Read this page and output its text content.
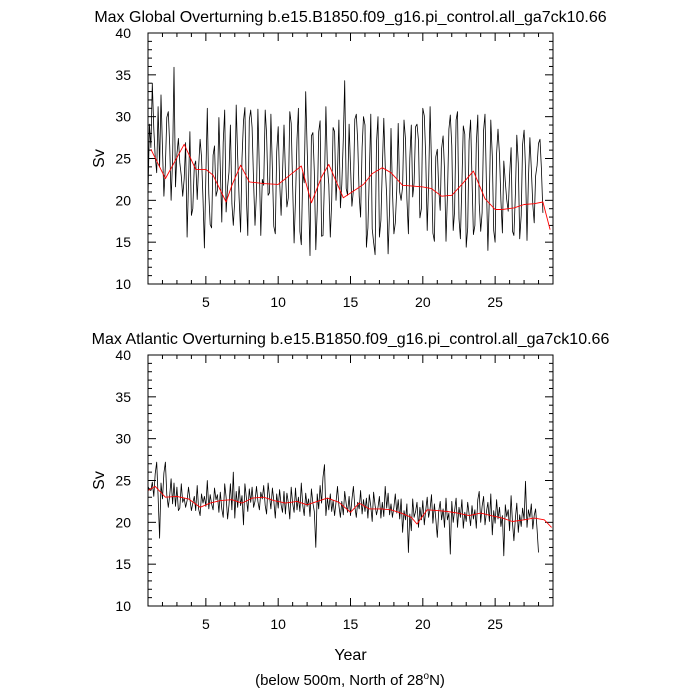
Max Global Overturning b.e15.B1850.f09_g16.pi_control.all_ga7ck10.66
5	10	15	20	25
10
15
20
25
30
35
40
Sv
Max Atlantic Overturning b.e15.B1850.f09_g16.pi_control.all_ga7ck10.66
5	10	15	20	25
10
15
20
25
30
35
40
Sv
Year
(below 500m, North of 28$^o$N)
